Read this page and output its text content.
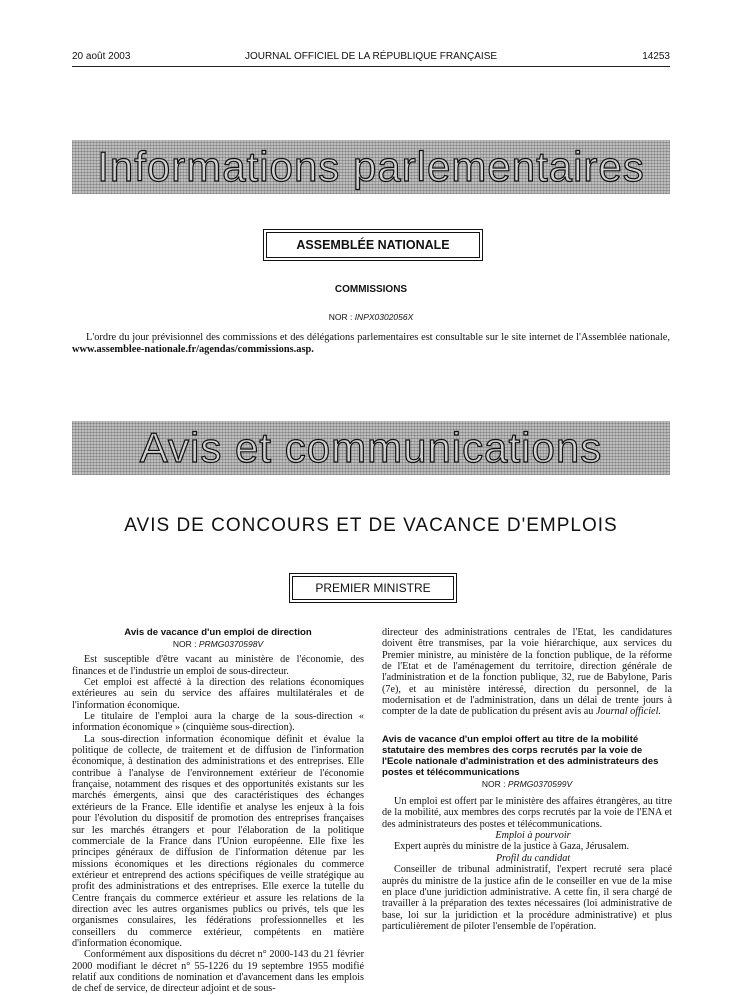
20 août 2003	JOURNAL OFFICIEL DE LA RÉPUBLIQUE FRANÇAISE	14253
Informations parlementaires
ASSEMBLÉE NATIONALE
COMMISSIONS
NOR : INPX0302056X

L'ordre du jour prévisionnel des commissions et des délégations parlementaires est consultable sur le site internet de l'Assemblée nationale, www.assemblee-nationale.fr/agendas/commissions.asp.

Avis et communications
AVIS DE CONCOURS ET DE VACANCE D'EMPLOIS
PREMIER MINISTRE

Avis de vacance d'un emploi de direction

NOR : PRMG0370598V

Est susceptible d'être vacant au ministère de l'économie, des finances et de l'industrie un emploi de sous-directeur.

Cet emploi est affecté à la direction des relations économiques extérieures au sein du service des affaires multilatérales et de l'information économique.

Le titulaire de l'emploi aura la charge de la sous-direction « information économique » (cinquième sous-direction).

La sous-direction information économique définit et évalue la politique de collecte, de traitement et de diffusion de l'information économique, à destination des administrations et des entreprises. Elle contribue à l'analyse de l'environnement extérieur de l'économie française, notamment des risques et des opportunités existants sur les marchés émergents, ainsi que des caractéristiques des échanges extérieurs de la France. Elle identifie et analyse les enjeux à la fois pour l'évolution du dispositif de promotion des entreprises françaises sur les marchés étrangers et pour l'élaboration de la politique commerciale de la France dans l'Union européenne. Elle fixe les principes généraux de diffusion de l'information détenue par les missions économiques et les directions régionales du commerce extérieur et entreprend des actions spécifiques de veille stratégique au profit des administrations et des entreprises. Elle exerce la tutelle du Centre français du commerce extérieur et assure les relations de la direction avec les autres organismes publics ou privés, tels que les organismes consulaires, les fédérations professionnelles et les conseillers du commerce extérieur, compétents en matière d'information économique.

Conformément aux dispositions du décret n° 2000-143 du 21 février 2000 modifiant le décret n° 55-1226 du 19 septembre 1955 modifié relatif aux conditions de nomination et d'avancement dans les emplois de chef de service, de directeur adjoint et de sous-

directeur des administrations centrales de l'Etat, les candidatures doivent être transmises, par la voie hiérarchique, aux services du Premier ministre, au ministère de la fonction publique, de la réforme de l'Etat et de l'aménagement du territoire, direction générale de l'administration et de la fonction publique, 32, rue de Babylone, Paris (7e), et au ministère intéressé, direction du personnel, de la modernisation et de l'administration, dans un délai de trente jours à compter de la date de publication du présent avis au Journal officiel.

Avis de vacance d'un emploi offert au titre de la mobilité statutaire des membres des corps recrutés par la voie de l'Ecole nationale d'administration et des administrateurs des postes et télécommunications

NOR : PRMG0370599V

Un emploi est offert par le ministère des affaires étrangères, au titre de la mobilité, aux membres des corps recrutés par la voie de l'ENA et des administrateurs des postes et télécommunications.

Emploi à pourvoir

Expert auprès du ministre de la justice à Gaza, Jérusalem.

Profil du candidat

Conseiller de tribunal administratif, l'expert recruté sera placé auprès du ministre de la justice afin de le conseiller en vue de la mise en place d'une juridiction administrative. A cette fin, il sera chargé de travailler à la préparation des textes nécessaires (loi administrative de base, loi sur la juridiction et la procédure administrative) et plus particulièrement de piloter l'ensemble de l'opération.
